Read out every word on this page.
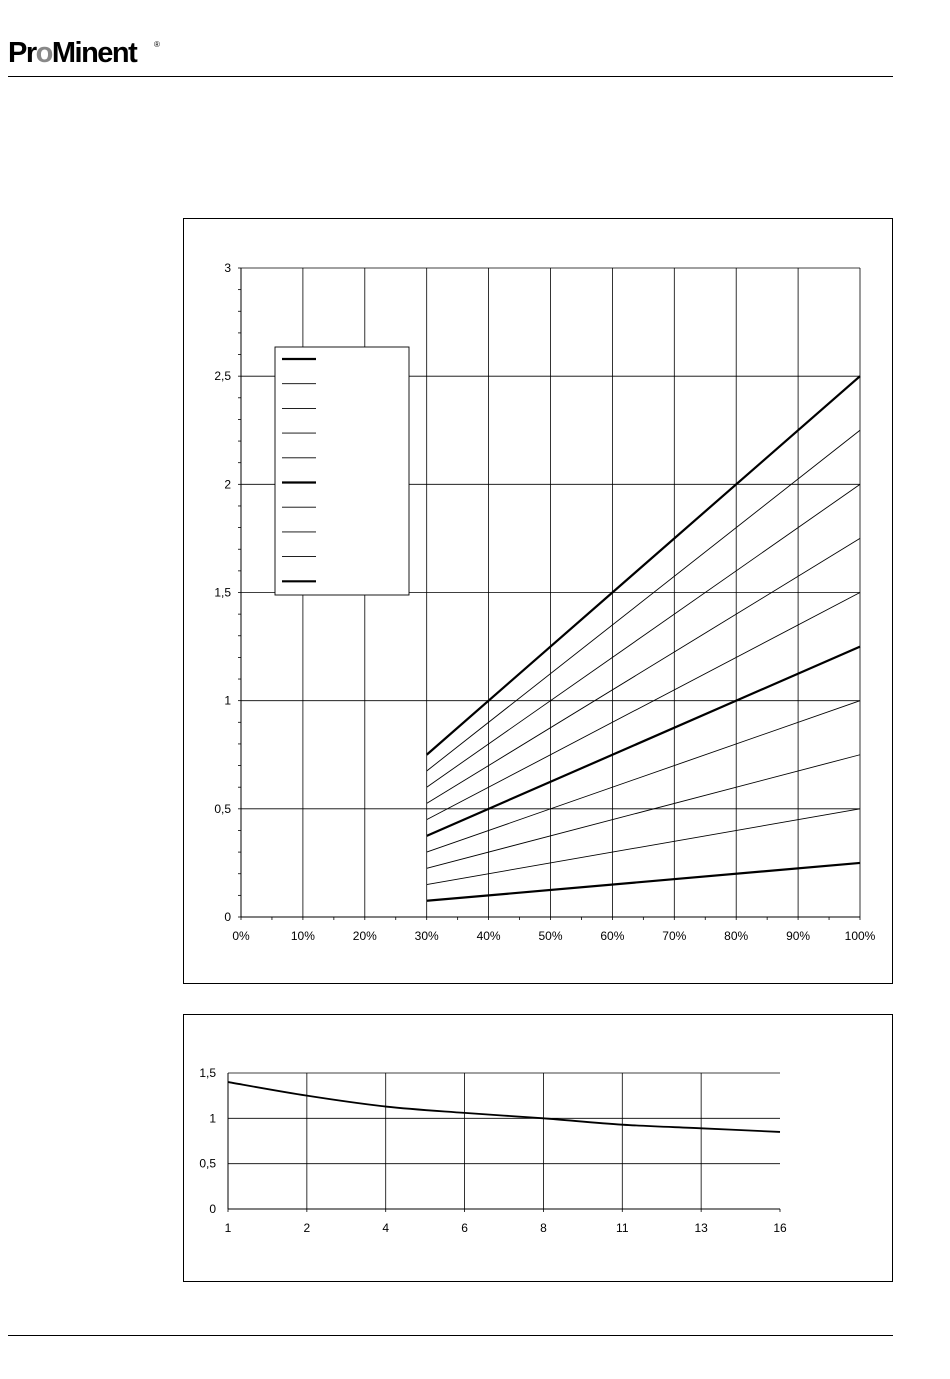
ProMinent ®
0
0,5
1
1,5
2
2,5
3
0%	10%	20%	30%	40%	50%	60%	70%	80%	90%	100%
0
0,5
1
1,5
1	2	4	6	8	11	13	16
